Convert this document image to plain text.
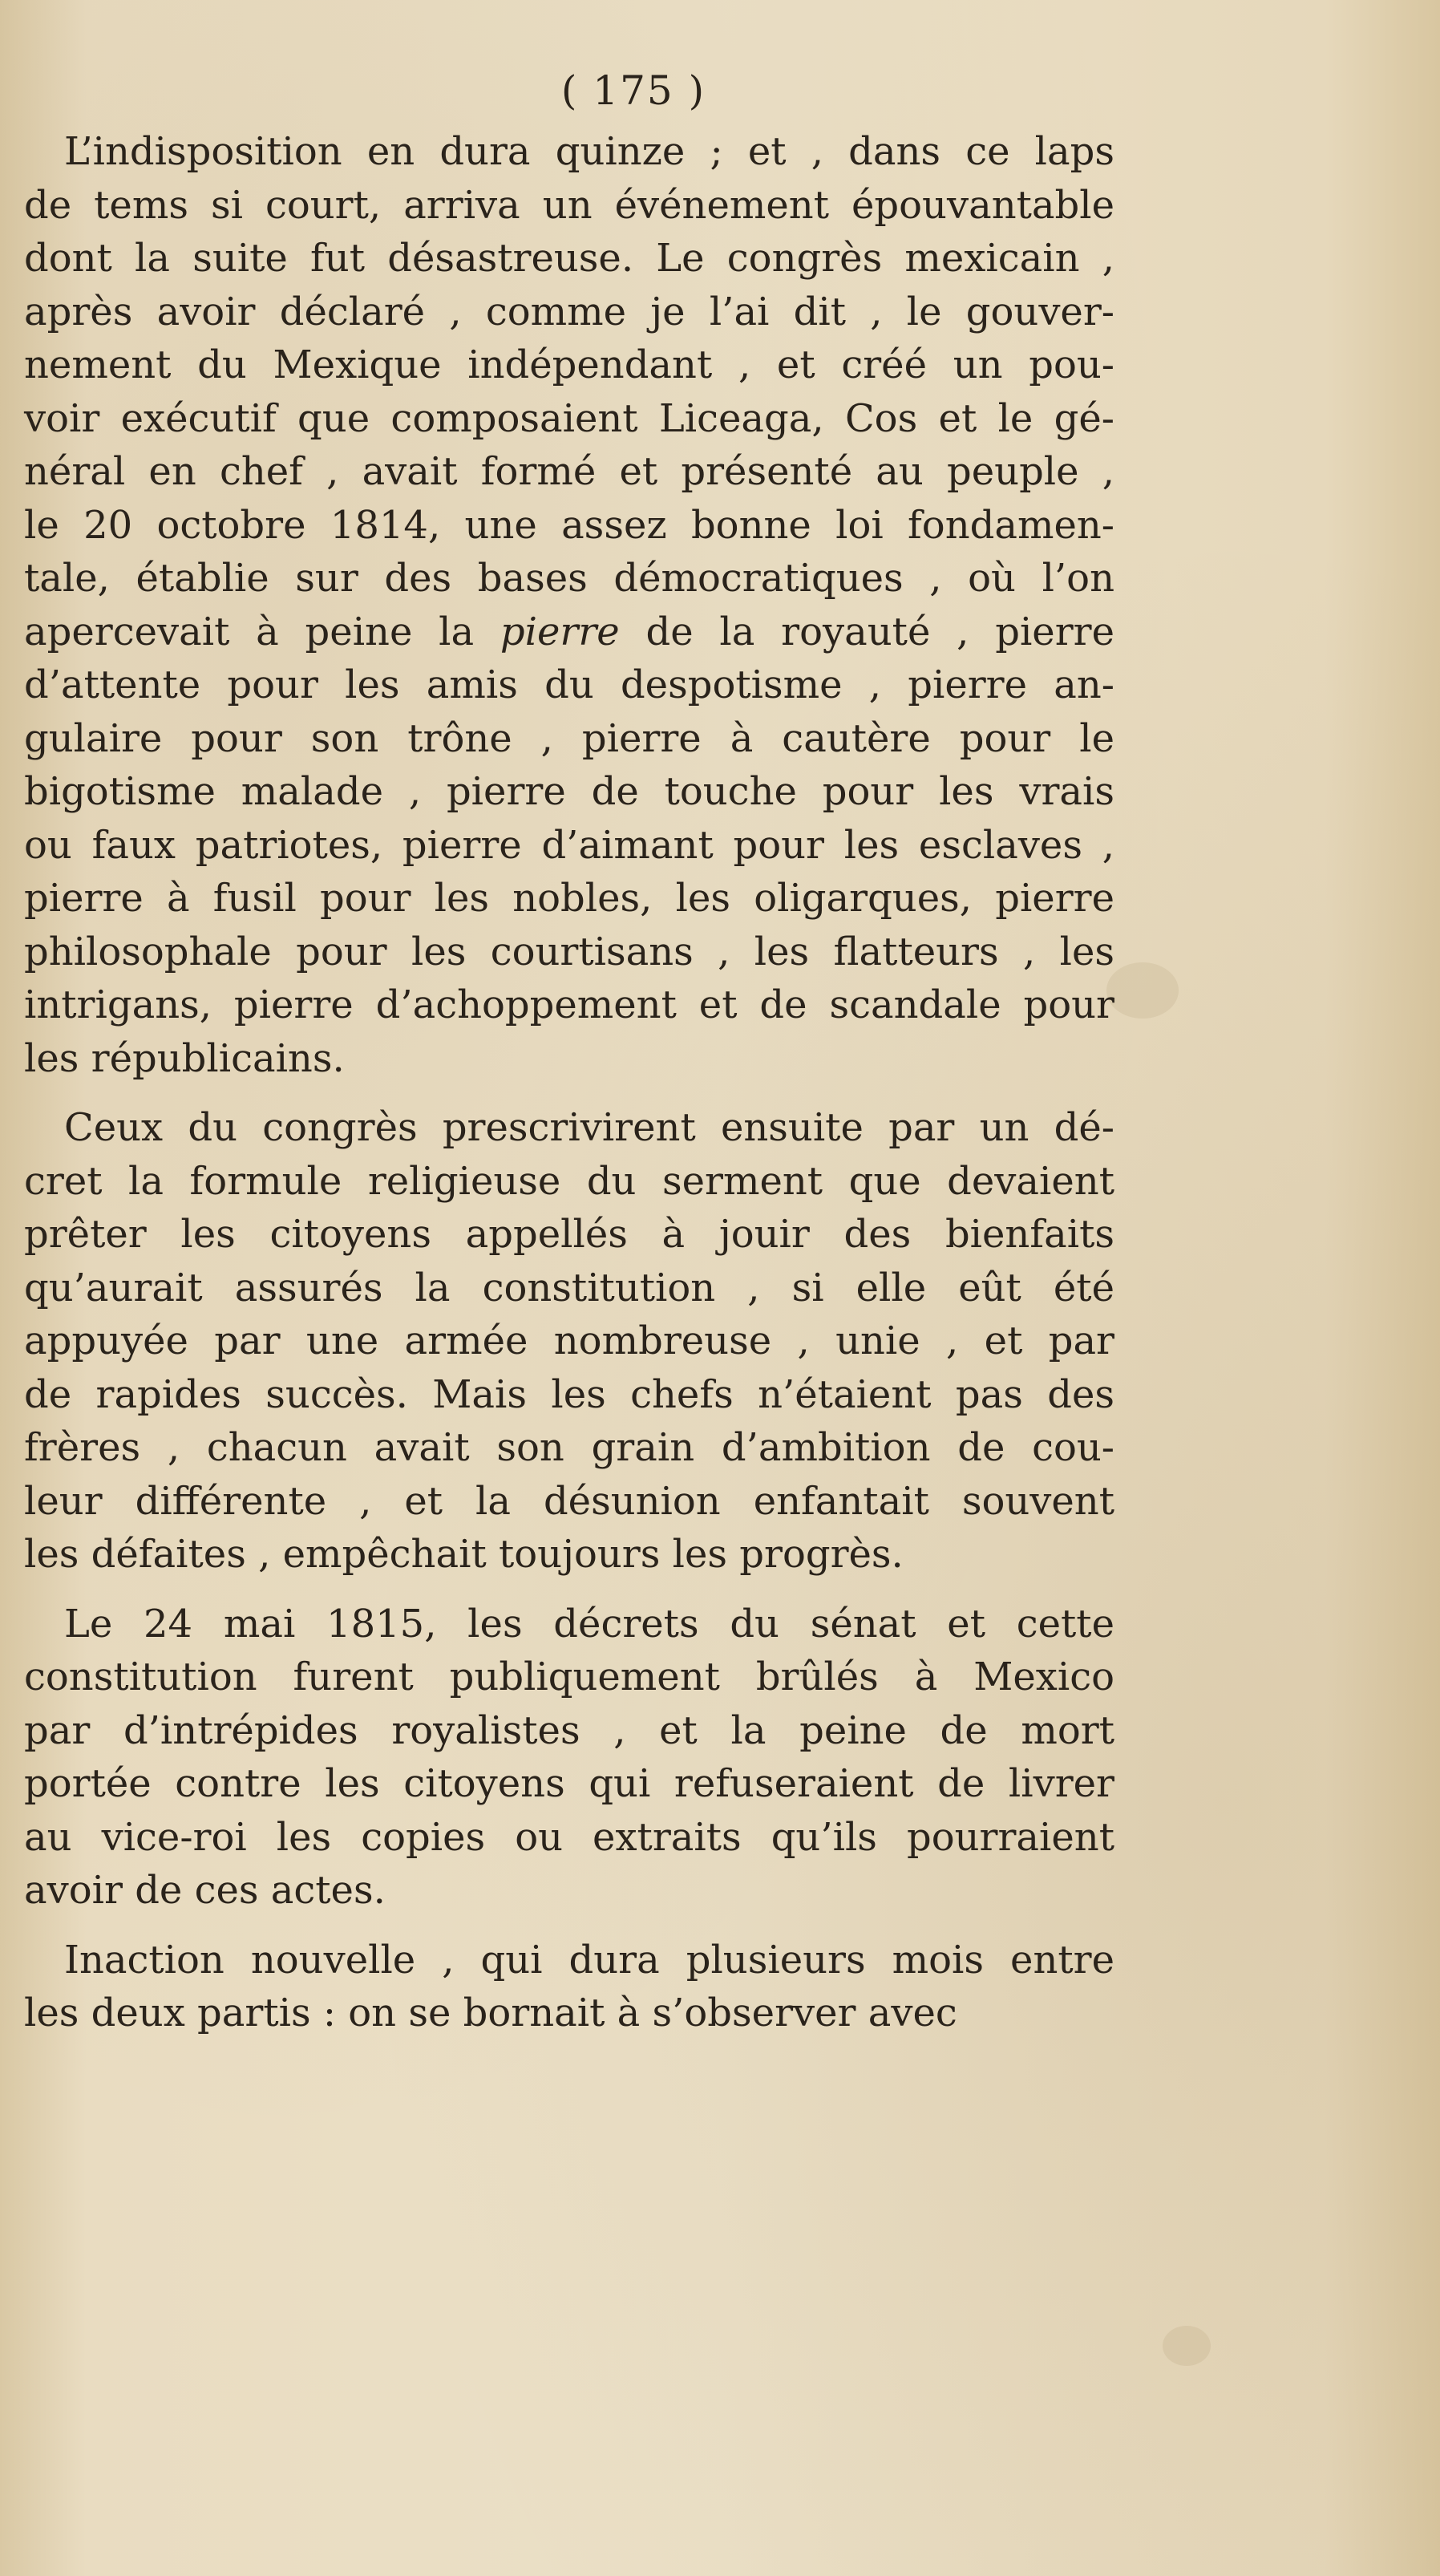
( 175 )
L’indisposition en dura quinze ; et , dans ce laps
de tems si court, arriva un événement épouvantable
dont la suite fut désastreuse. Le congrès mexicain ,
après avoir déclaré , comme je l’ai dit , le gouver-
nement du Mexique indépendant , et créé un pou-
voir exécutif que composaient Liceaga, Cos et le gé-
néral en chef , avait formé et présenté au peuple ,
le 20 octobre 1814, une assez bonne loi fondamen-
tale, établie sur des bases démocratiques , où l’on
apercevait à peine la pierre de la royauté , pierre
d’attente pour les amis du despotisme , pierre an-
gulaire pour son trône , pierre à cautère pour le
bigotisme malade , pierre de touche pour les vrais
ou faux patriotes, pierre d’aimant pour les esclaves ,
pierre à fusil pour les nobles, les oligarques, pierre
philosophale pour les courtisans , les flatteurs , les
intrigans, pierre d’achoppement et de scandale pour
les républicains.
Ceux du congrès prescrivirent ensuite par un dé-
cret la formule religieuse du serment que devaient
prêter les citoyens appellés à jouir des bienfaits
qu’aurait assurés la constitution , si elle eût été
appuyée par une armée nombreuse , unie , et par
de rapides succès. Mais les chefs n’étaient pas des
frères , chacun avait son grain d’ambition de cou-
leur différente , et la désunion enfantait souvent
les défaites , empêchait toujours les progrès.
Le 24 mai 1815, les décrets du sénat et cette
constitution furent publiquement brûlés à Mexico
par d’intrépides royalistes , et la peine de mort
portée contre les citoyens qui refuseraient de livrer
au vice-roi les copies ou extraits qu’ils pourraient
avoir de ces actes.
Inaction nouvelle , qui dura plusieurs mois entre
les deux partis : on se bornait à s’observer avec
